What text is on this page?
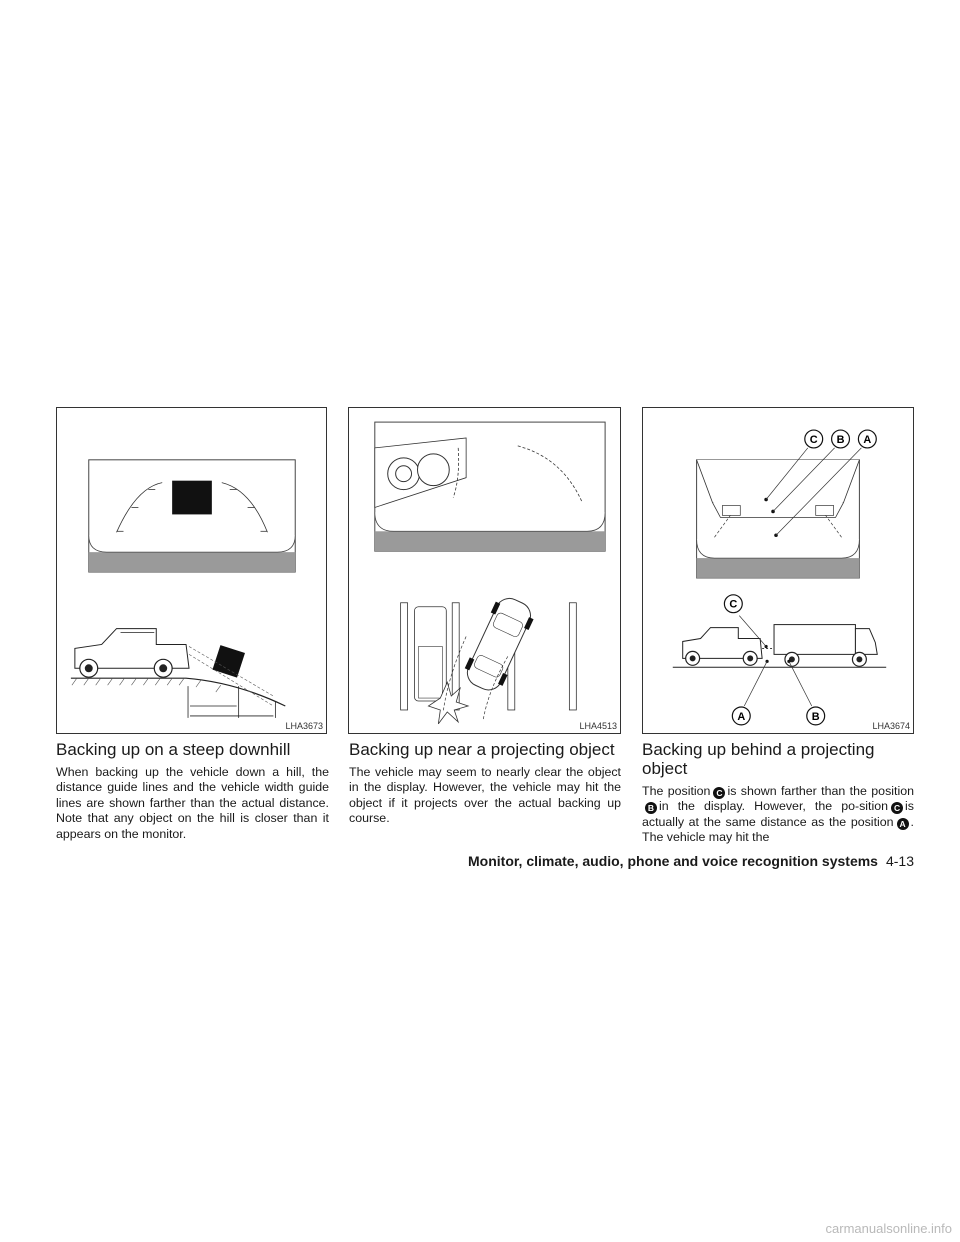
LHA3673	LHA4513
C B A
C
A	B
LHA3674
Backing up on a steep downhill

When backing up the vehicle down a hill, the distance guide lines and the vehicle width guide lines are shown farther than the actual distance. Note that any object on the hill is closer than it appears on the monitor.

Backing up near a projecting object

The vehicle may seem to nearly clear the object in the display. However, the vehicle may hit the object if it projects over the actual backing up course.

Backing up behind a projecting object

The position C is shown farther than the positionB in the display. However, the po-sition C is actually at the same distance as the position A . The vehicle may hit the

Monitor, climate, audio, phone and voice recognition systems 4-13
carmanualsonline.info
